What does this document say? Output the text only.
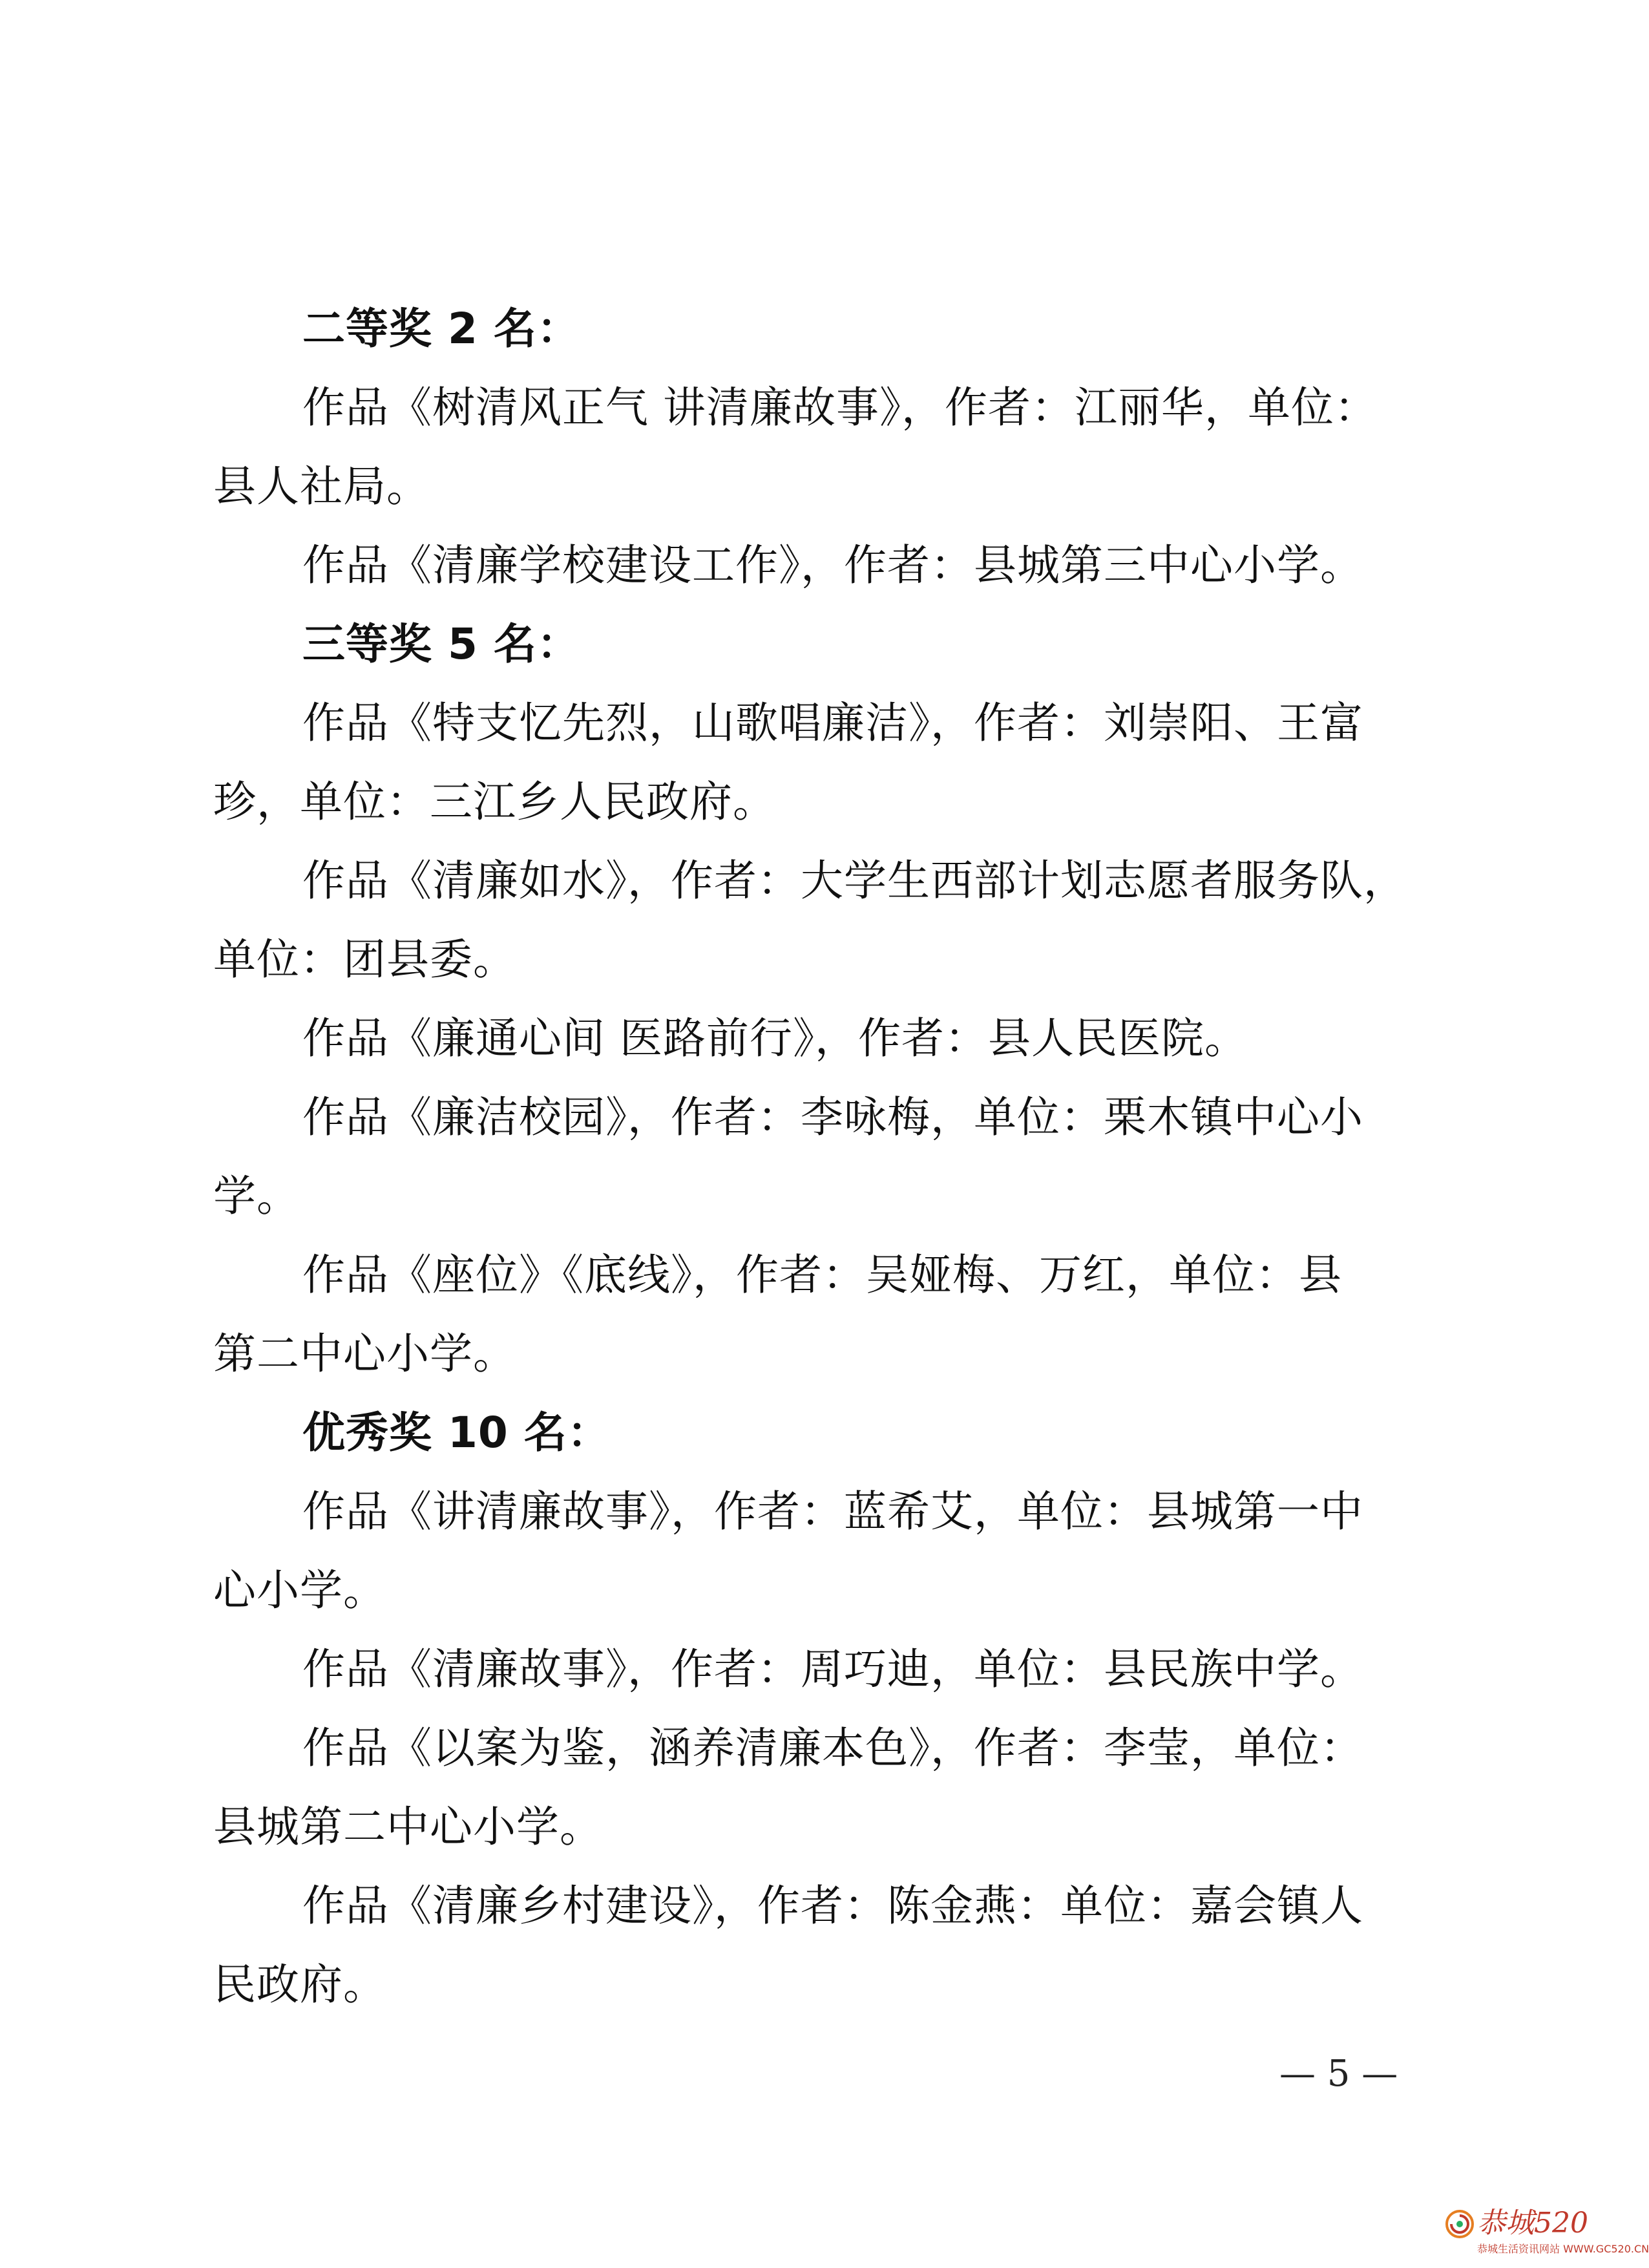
二等奖 2 名：
作品《树清风正气 讲清廉故事》，作者：江丽华，单位：
县人社局。
作品《清廉学校建设工作》，作者：县城第三中心小学。
三等奖 5 名：
作品《特支忆先烈，山歌唱廉洁》，作者：刘崇阳、王富
珍，单位：三江乡人民政府。
作品《清廉如水》，作者：大学生西部计划志愿者服务队，
单位：团县委。
作品《廉通心间 医路前行》，作者：县人民医院。
作品《廉洁校园》，作者：李咏梅，单位：栗木镇中心小
学。
作品《座位》《底线》，作者：吴娅梅、万红，单位：县
第二中心小学。
优秀奖 10 名：
作品《讲清廉故事》，作者：蓝希艾，单位：县城第一中
心小学。
作品《清廉故事》，作者：周巧迪，单位：县民族中学。
作品《以案为鉴，涵养清廉本色》，作者：李莹，单位：
县城第二中心小学。
作品《清廉乡村建设》，作者：陈金燕：单位：嘉会镇人
民政府。
— 5 —
恭城520
恭城生活资讯网站 WWW.GC520.CN
